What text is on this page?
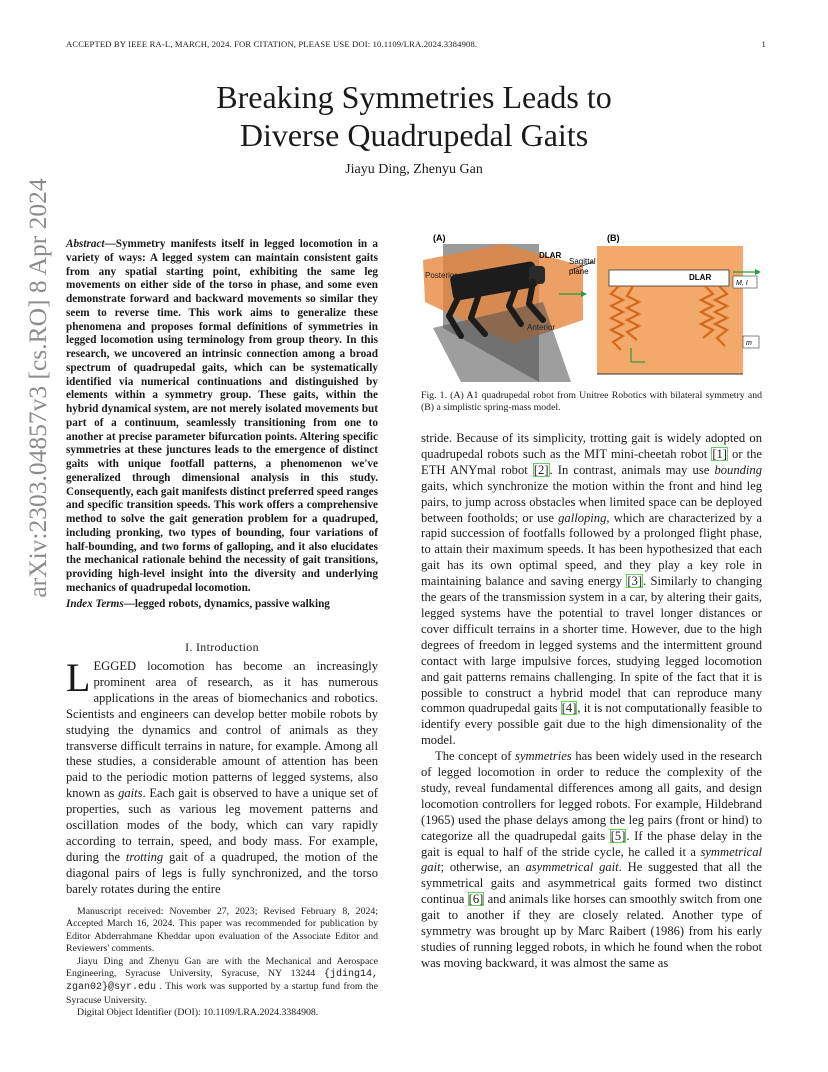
ACCEPTED BY IEEE RA-L, MARCH, 2024. FOR CITATION, PLEASE USE DOI: 10.1109/LRA.2024.3384908.	1
arXiv:2303.04857v3 [cs.RO] 8 Apr 2024
Breaking Symmetries Leads to
Diverse Quadrupedal Gaits
Jiayu Ding, Zhenyu Gan
Abstract—Symmetry manifests itself in legged locomotion in a variety of ways: A legged system can maintain consistent gaits from any spatial starting point, exhibiting the same leg movements on either side of the torso in phase, and some even demonstrate forward and backward movements so similar they seem to reverse time. This work aims to generalize these phenomena and proposes formal definitions of symmetries in legged locomotion using terminology from group theory. In this research, we uncovered an intrinsic connection among a broad spectrum of quadrupedal gaits, which can be systematically identified via numerical continuations and distinguished by elements within a symmetry group. These gaits, within the hybrid dynamical system, are not merely isolated movements but part of a continuum, seamlessly transitioning from one to another at precise parameter bifurcation points. Altering specific symmetries at these junctures leads to the emergence of distinct gaits with unique footfall patterns, a phenomenon we've generalized through dimensional analysis in this study. Consequently, each gait manifests distinct preferred speed ranges and specific transition speeds. This work offers a comprehensive method to solve the gait generation problem for a quadruped, including pronking, two types of bounding, four variations of half-bounding, and two forms of galloping, and it also elucidates the mechanical rationale behind the necessity of gait transitions, providing high-level insight into the diversity and underlying mechanics of quadrupedal locomotion.
Index Terms—legged robots, dynamics, passive walking
I. Introduction
LEGGED locomotion has become an increasingly prominent area of research, as it has numerous applications in the areas of biomechanics and robotics. Scientists and engineers can develop better mobile robots by studying the dynamics and control of animals as they transverse difficult terrains in nature, for example. Among all these studies, a considerable amount of attention has been paid to the periodic motion patterns of legged systems, also known as gaits. Each gait is observed to have a unique set of properties, such as various leg movement patterns and oscillation modes of the body, which can vary rapidly according to terrain, speed, and body mass. For example, during the trotting gait of a quadruped, the motion of the diagonal pairs of legs is fully synchronized, and the torso barely rotates during the entire

Manuscript received: November 27, 2023; Revised February 8, 2024; Accepted March 16, 2024. This paper was recommended for publication by Editor Abderrahmane Kheddar upon evaluation of the Associate Editor and Reviewers' comments.

Jiayu Ding and Zhenyu Gan are with the Mechanical and Aerospace Engineering, Syracuse University, Syracuse, NY 13244 {jding14, zgan02}@syr.edu . This work was supported by a startup fund from the Syracuse University.

Digital Object Identifier (DOI): 10.1109/LRA.2024.3384908.

(A)
Sagittal
plane
Posterior
Anterior
DLAR
(B)
DLAR
M, I
m
Fig. 1. (A) A1 quadrupedal robot from Unitree Robotics with bilateral symmetry and (B) a simplistic spring-mass model.

stride. Because of its simplicity, trotting gait is widely adopted on quadrupedal robots such as the MIT mini-cheetah robot [1] or the ETH ANYmal robot [2]. In contrast, animals may use bounding gaits, which synchronize the motion within the front and hind leg pairs, to jump across obstacles when limited space can be deployed between footholds; or use galloping, which are characterized by a rapid succession of footfalls followed by a prolonged flight phase, to attain their maximum speeds. It has been hypothesized that each gait has its own optimal speed, and they play a key role in maintaining balance and saving energy [3]. Similarly to changing the gears of the transmission system in a car, by altering their gaits, legged systems have the potential to travel longer distances or cover difficult terrains in a shorter time. However, due to the high degrees of freedom in legged systems and the intermittent ground contact with large impulsive forces, studying legged locomotion and gait patterns remains challenging. In spite of the fact that it is possible to construct a hybrid model that can reproduce many common quadrupedal gaits [4], it is not computationally feasible to identify every possible gait due to the high dimensionality of the model.

The concept of symmetries has been widely used in the research of legged locomotion in order to reduce the complexity of the study, reveal fundamental differences among all gaits, and design locomotion controllers for legged robots. For example, Hildebrand (1965) used the phase delays among the leg pairs (front or hind) to categorize all the quadrupedal gaits [5]. If the phase delay in the gait is equal to half of the stride cycle, he called it a symmetrical gait; otherwise, an asymmetrical gait. He suggested that all the symmetrical gaits and asymmetrical gaits formed two distinct continua [6] and animals like horses can smoothly switch from one gait to another if they are closely related. Another type of symmetry was brought up by Marc Raibert (1986) from his early studies of running legged robots, in which he found when the robot was moving backward, it was almost the same as
